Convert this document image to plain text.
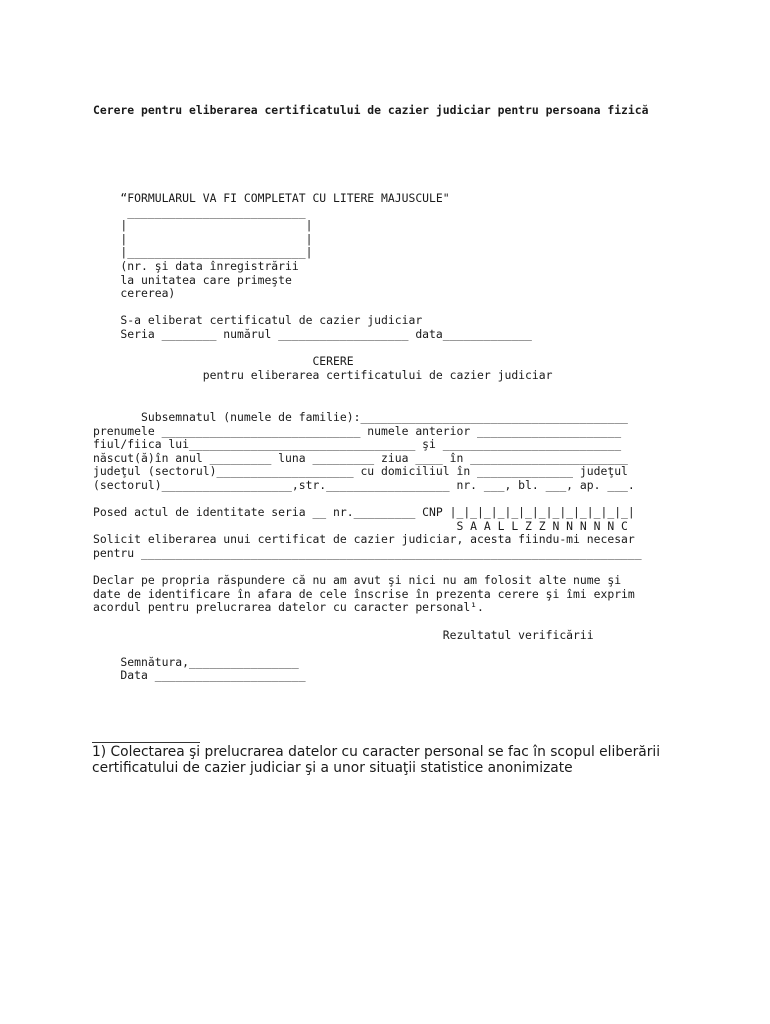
Cerere pentru eliberarea certificatului de cazier judiciar pentru persoana fizică

“FORMULARUL VA FI COMPLETAT CU LITERE MAJUSCULE"
__________________________
|                          |
|                          |
|__________________________|
(nr. şi data înregistrării
la unitatea care primeşte
cererea)

S-a eliberat certificatul de cazier judiciar
Seria ________ numărul ___________________ data_____________

CERERE
pentru eliberarea certificatului de cazier judiciar
Subsemnatul (numele de familie):_______________________________________
prenumele _____________________________ numele anterior _____________________
fiul/fiica lui_________________________________ şi __________________________
născut(ă)în anul _________ luna _________ ziua ____ în _______________________
judeţul (sectorul)____________________ cu domiciliul în ______________ judeţul
(sectorul)___________________,str.__________________ nr. ___, bl. ___, ap. ___.

Posed actul de identitate seria __ nr._________ CNP |_|_|_|_|_|_|_|_|_|_|_|_|_|
S A A L L Z Z N N N N N C
Solicit eliberarea unui certificat de cazier judiciar, acesta fiindu-mi necesar
pentru _________________________________________________________________________

Declar pe propria răspundere că nu am avut şi nici nu am folosit alte nume şi
date de identificare în afara de cele înscrise în prezenta cerere şi îmi exprim
acordul pentru prelucrarea datelor cu caracter personal¹.

Rezultatul verificării

Semnătura,________________
Data ______________________

1) Colectarea şi prelucrarea datelor cu caracter personal se fac în scopul eliberării certificatului de cazier judiciar şi a unor situaţii statistice anonimizate
